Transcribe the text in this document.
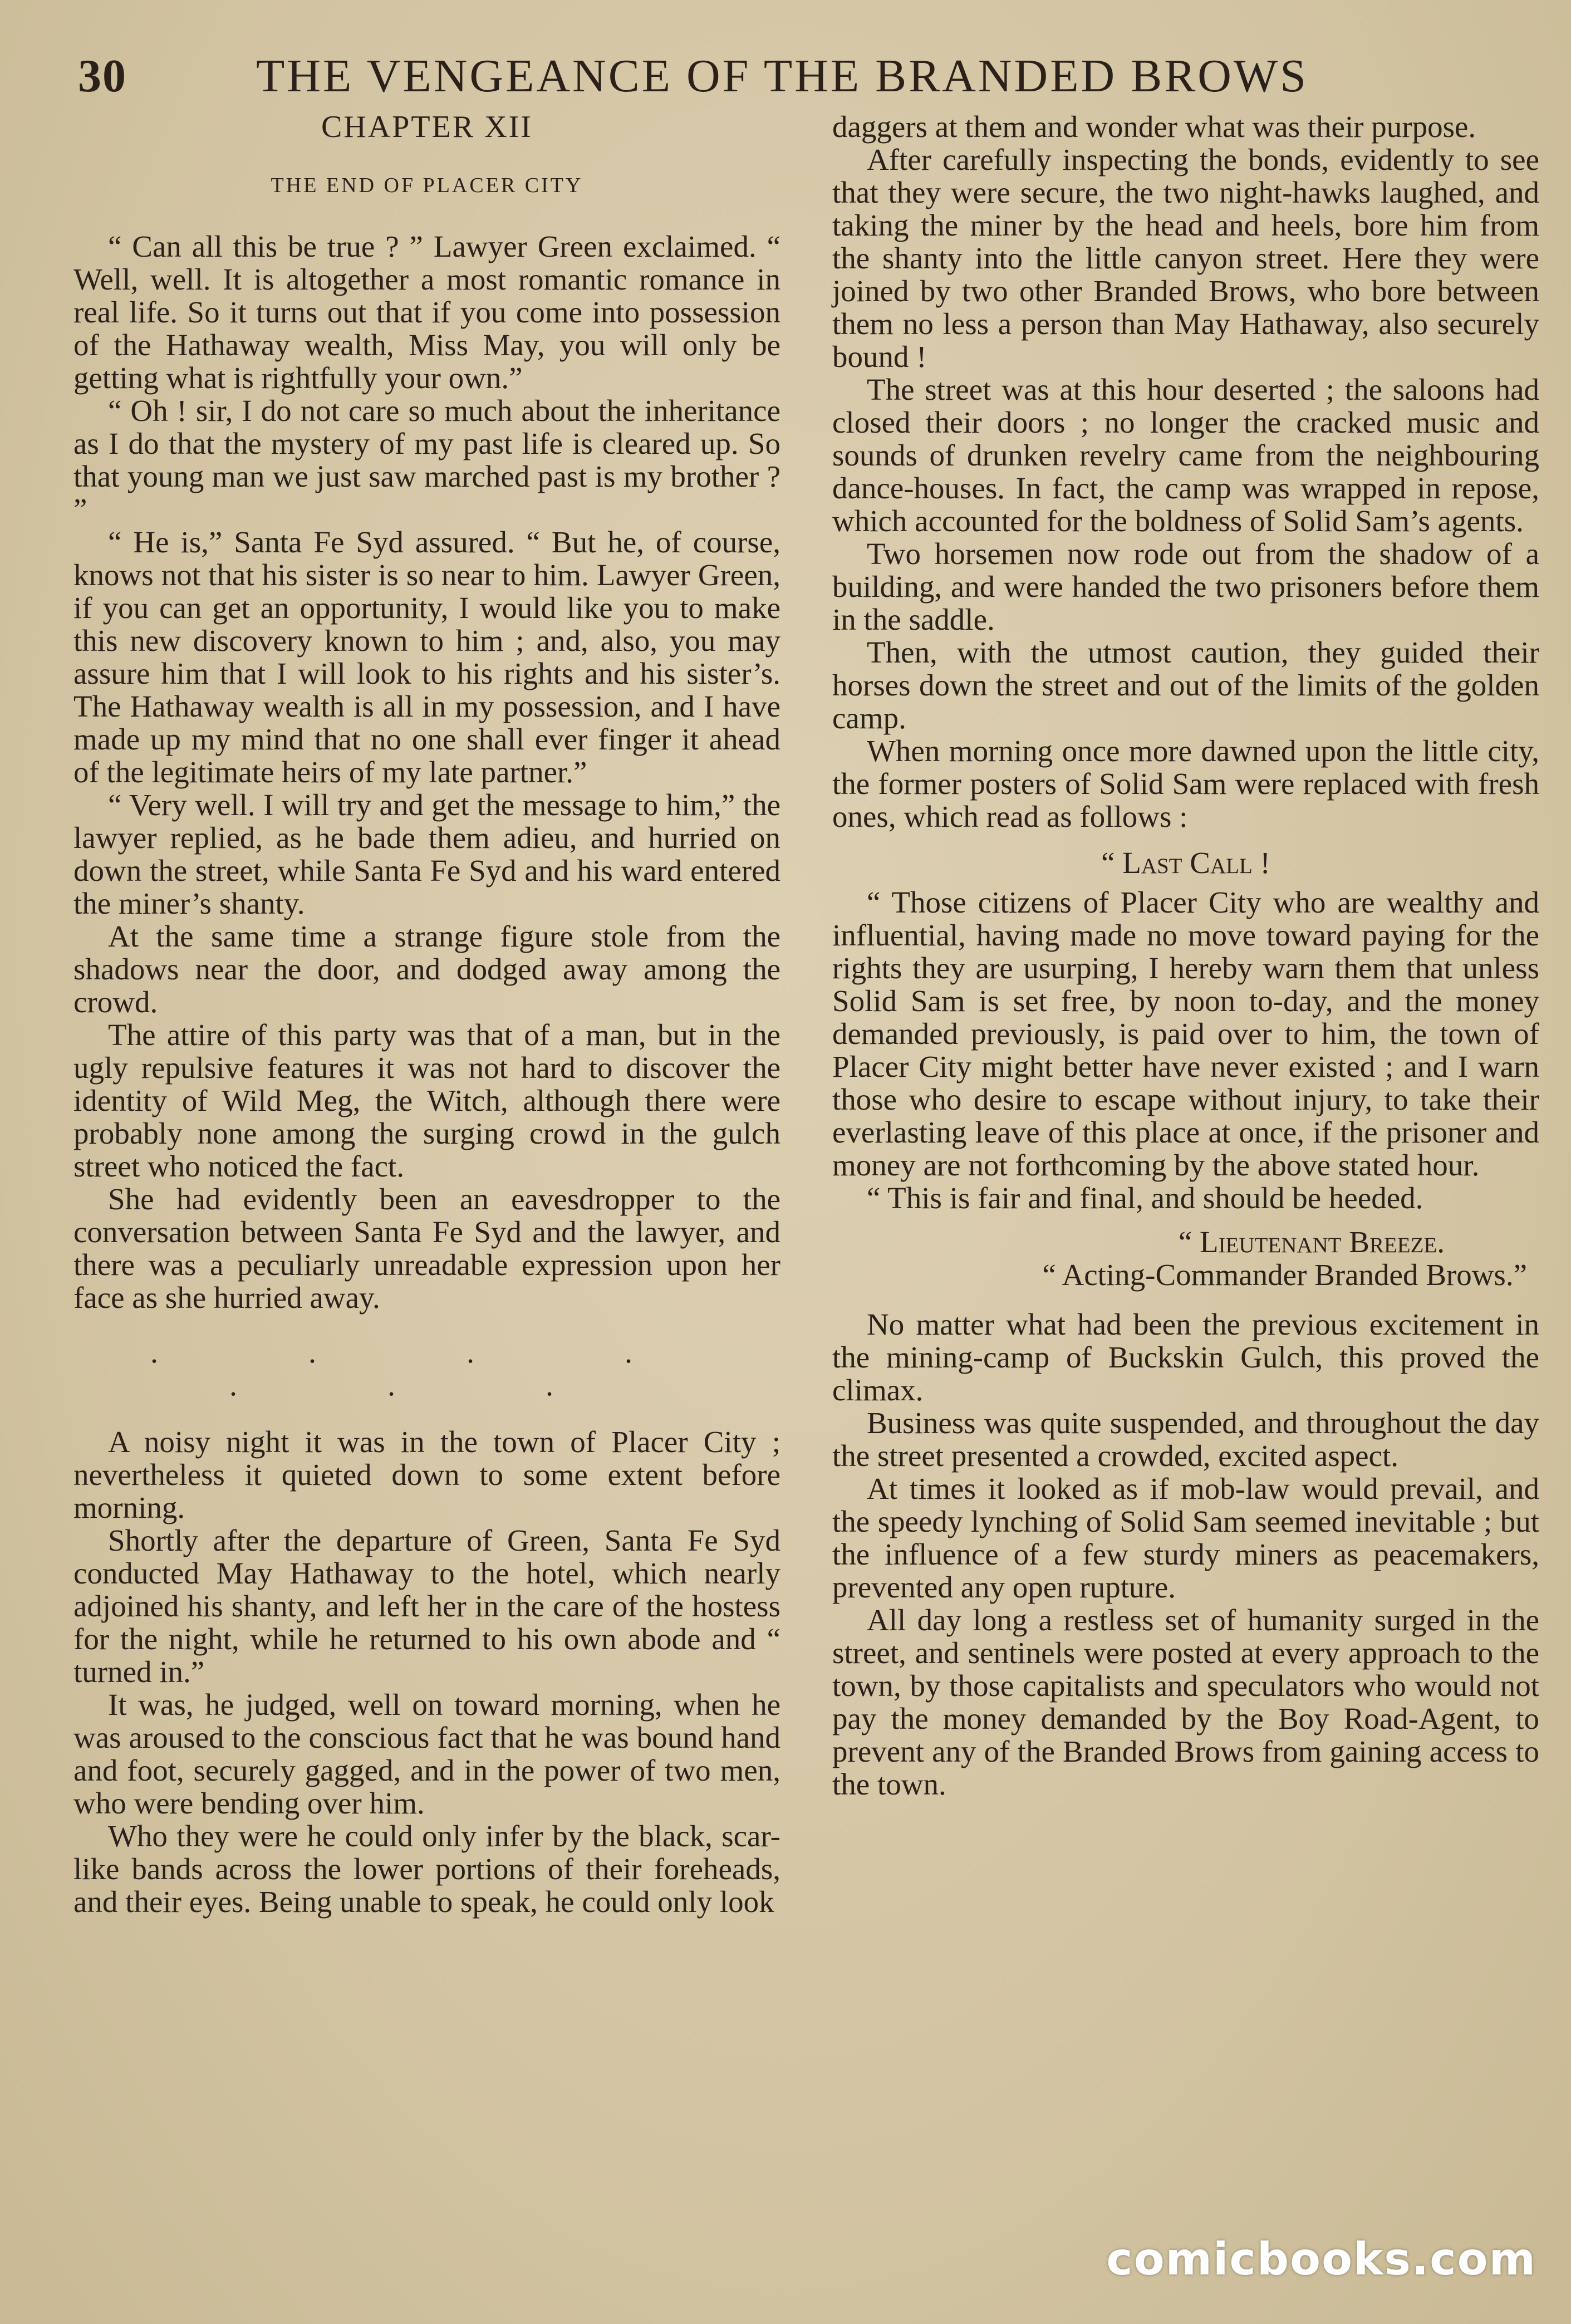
30	THE VENGEANCE OF THE BRANDED BROWS
CHAPTER XII
THE END OF PLACER CITY

“ Can all this be true ? ” Lawyer Green exclaimed. “ Well, well. It is altogether a most romantic romance in real life. So it turns out that if you come into possession of the Hathaway wealth, Miss May, you will only be getting what is rightfully your own.”

“ Oh ! sir, I do not care so much about the inheritance as I do that the mystery of my past life is cleared up. So that young man we just saw marched past is my brother ? ”

“ He is,” Santa Fe Syd assured. “ But he, of course, knows not that his sister is so near to him. Lawyer Green, if you can get an opportunity, I would like you to make this new discovery known to him ; and, also, you may assure him that I will look to his rights and his sister’s. The Hathaway wealth is all in my possession, and I have made up my mind that no one shall ever finger it ahead of the legitimate heirs of my late partner.”

“ Very well. I will try and get the message to him,” the lawyer replied, as he bade them adieu, and hurried on down the street, while Santa Fe Syd and his ward entered the miner’s shanty.

At the same time a strange figure stole from the shadows near the door, and dodged away among the crowd.

The attire of this party was that of a man, but in the ugly repulsive features it was not hard to discover the identity of Wild Meg, the Witch, although there were probably none among the surging crowd in the gulch street who noticed the fact.

She had evidently been an eavesdropper to the conversation between Santa Fe Syd and the lawyer, and there was a peculiarly unreadable expression upon her face as she hurried away.

. . . . . . .

A noisy night it was in the town of Placer City ; nevertheless it quieted down to some extent before morning.

Shortly after the departure of Green, Santa Fe Syd conducted May Hathaway to the hotel, which nearly adjoined his shanty, and left her in the care of the hostess for the night, while he returned to his own abode and “ turned in.”

It was, he judged, well on toward morning, when he was aroused to the conscious fact that he was bound hand and foot, securely gagged, and in the power of two men, who were bending over him.

Who they were he could only infer by the black, scar-like bands across the lower portions of their foreheads, and their eyes. Being unable to speak, he could only look

daggers at them and wonder what was their purpose.

After carefully inspecting the bonds, evidently to see that they were secure, the two night-hawks laughed, and taking the miner by the head and heels, bore him from the shanty into the little canyon street. Here they were joined by two other Branded Brows, who bore between them no less a person than May Hathaway, also securely bound !

The street was at this hour deserted ; the saloons had closed their doors ; no longer the cracked music and sounds of drunken revelry came from the neighbouring dance-houses. In fact, the camp was wrapped in repose, which accounted for the boldness of Solid Sam’s agents.

Two horsemen now rode out from the shadow of a building, and were handed the two prisoners before them in the saddle.

Then, with the utmost caution, they guided their horses down the street and out of the limits of the golden camp.

When morning once more dawned upon the little city, the former posters of Solid Sam were replaced with fresh ones, which read as follows :

“ Last Call !

“ Those citizens of Placer City who are wealthy and influential, having made no move toward paying for the rights they are usurping, I hereby warn them that unless Solid Sam is set free, by noon to-day, and the money demanded previously, is paid over to him, the town of Placer City might better have never existed ; and I warn those who desire to escape without injury, to take their everlasting leave of this place at once, if the prisoner and money are not forthcoming by the above stated hour.

“ This is fair and final, and should be heeded.

“ Lieutenant Breeze.

“ Acting-Commander Branded Brows.”

No matter what had been the previous excitement in the mining-camp of Buckskin Gulch, this proved the climax.

Business was quite suspended, and throughout the day the street presented a crowded, excited aspect.

At times it looked as if mob-law would prevail, and the speedy lynching of Solid Sam seemed inevitable ; but the influence of a few sturdy miners as peacemakers, prevented any open rupture.

All day long a restless set of humanity surged in the street, and sentinels were posted at every approach to the town, by those capitalists and speculators who would not pay the money demanded by the Boy Road-Agent, to prevent any of the Branded Brows from gaining access to the town.

comicbooks.com
